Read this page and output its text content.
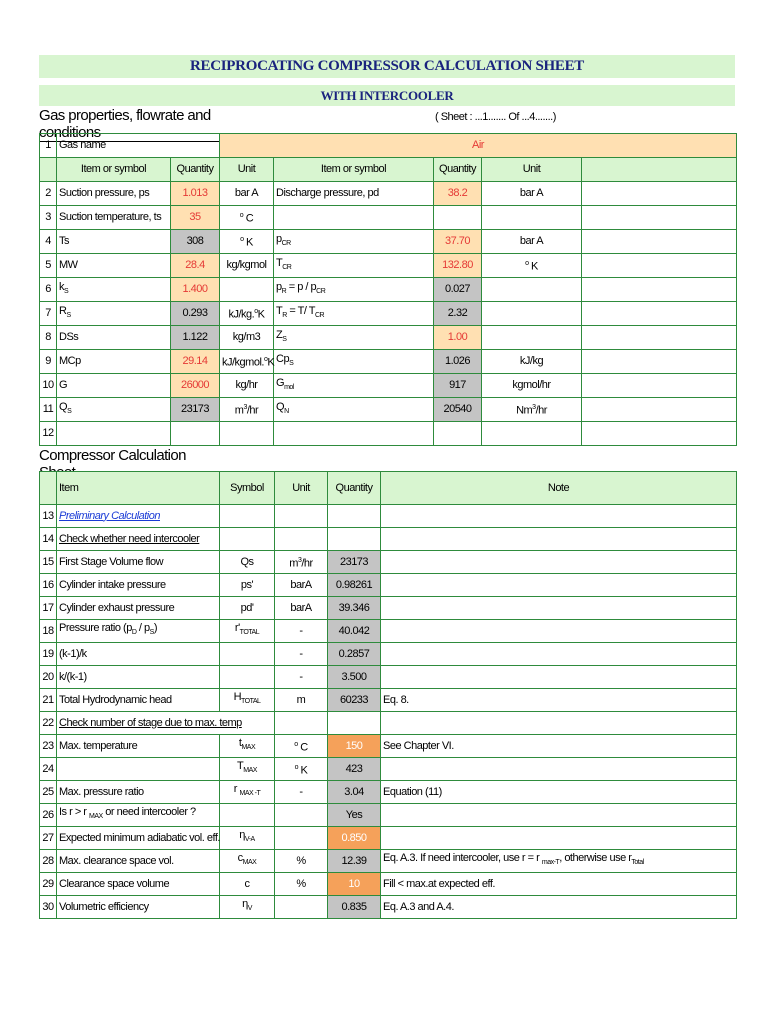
RECIPROCATING COMPRESSOR CALCULATION SHEET
WITH INTERCOOLER
Gas properties, flowrate and conditions
( Sheet : ...1....... Of ...4.......)
1	Gas name		Air				
	Item or symbol	Quantity	Unit	Item or symbol	Quantity	Unit	
2	Suction pressure, ps	1.013	bar A	Discharge pressure, pd	38.2	bar A	
3	Suction temperature, ts	35	$^o$ C				
4	Ts	308	$^o$ K	$p_{CR}$	37.70	bar A	
5	MW	28.4	kg/kgmol	$T_{CR}$	132.80	$^o$ K	
6	$k_S$	1.400		$p_R = p / p_{CR}$	0.027		
7	$R_S$	0.293	kJ/kg.$^o$K	$T_R = T/$ $T_{CR}$	2.32		
8	DSs	1.122	kg/m3	$Z_S$	1.00		
9	MCp	29.14	kJ/kgmol.$^o$K	$Cp_S$	1.026	kJ/kg	
10	G	26000	kg/hr	$G_{mol}$	917	kgmol/hr	
11	$Q_S$	23173	$m^3/hr$	$Q_N$	20540	Nm$^3$/hr	
12							
Compressor Calculation
	Item	Symbol	Unit	Quantity	Note
13	Preliminary Calculation				
14	Check whether need intercooler				
15	First Stage Volume flow	Qs	$m^3/hr$	23173	
16	Cylinder intake pressure	ps'	barA	0.98261	
17	Cylinder exhaust pressure	pd'	barA	39.346	
18	Pressure ratio $(p_D / p_S)$	$r'_{TOTAL}$	-	40.042	
19	(k-1)/k		-	0.2857	
20	k/(k-1)		-	3.500	
21	Total Hydrodynamic head	$H_{TOTAL}$	m	60233	Eq. 8.
22	Check number of stage due to max. temp				
23	Max. temperature	$t_{MAX}$	$^o$ C	150	See Chapter VI.
24		$T_{MAX}$	$^o$ K	423	
25	Max. pressure ratio	r $_{MAX -T}$	-	3.04	Equation (11)
26	Is r > r $_{MAX}$ or need intercooler ?			Yes	
27	Expected minimum adiabatic vol. eff.	$\eta_{V-A}$		0.850	
28	Max. clearance space vol.	$c_{MAX}$	%	12.39	Eq. A.3. If need intercooler, use r = r $_{max-T}$, otherwise use $r_{Total}$
29	Clearance space volume	c	%	10	Fill < max.at expected eff.
30	Volumetric efficiency	$\eta_V$		0.835	Eq. A.3 and A.4.
